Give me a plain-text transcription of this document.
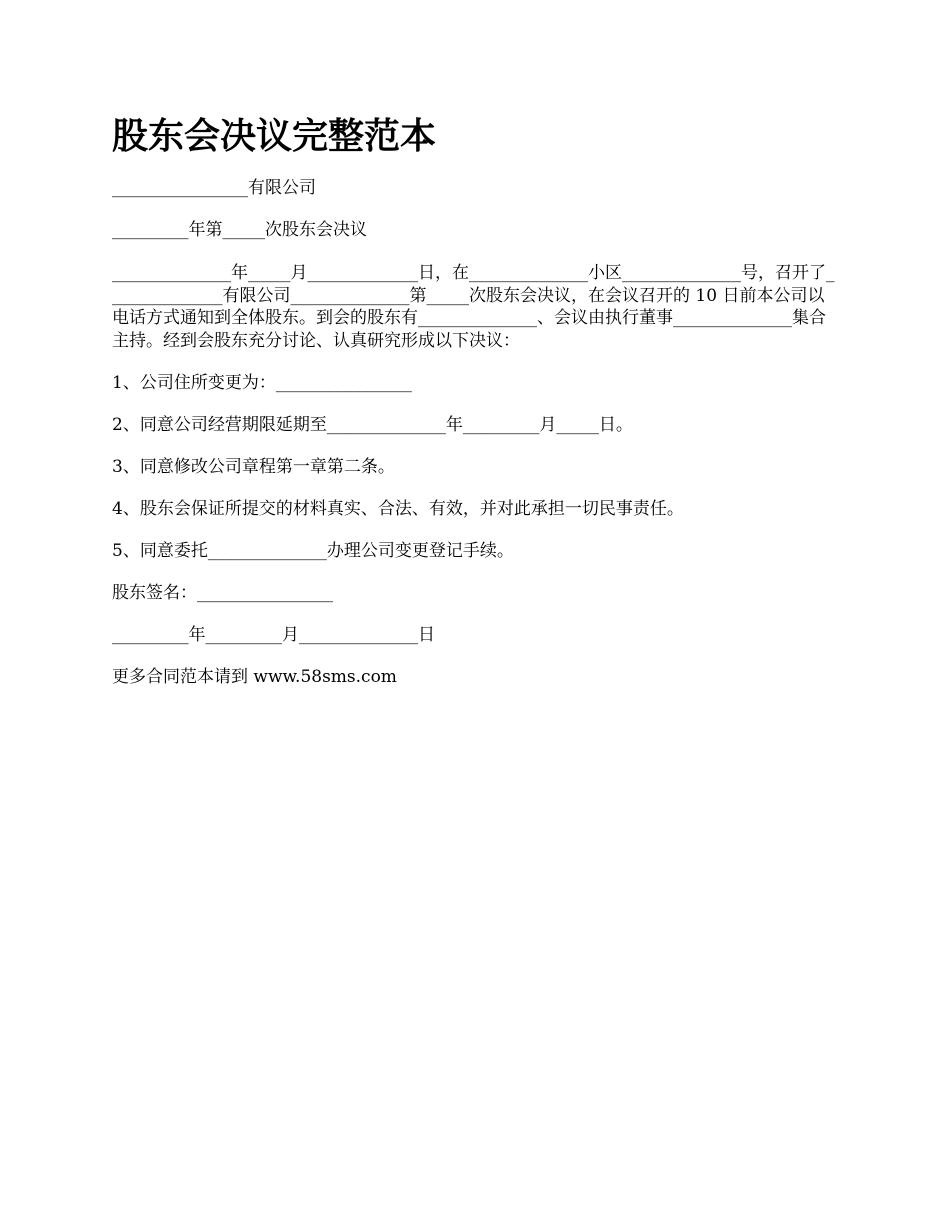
股东会决议完整范本

________________有限公司

_________年第_____次股东会决议

______________年_____月_____________日，在______________小区______________号，召开了______________有限公司______________第_____次股东会决议，在会议召开的 10 日前本公司以电话方式通知到全体股东。到会的股东有______________、会议由执行董事______________集合主持。经到会股东充分讨论、认真研究形成以下决议：

1、公司住所变更为：________________

2、同意公司经营期限延期至______________年_________月_____日。

3、同意修改公司章程第一章第二条。

4、股东会保证所提交的材料真实、合法、有效，并对此承担一切民事责任。

5、同意委托______________办理公司变更登记手续。

股东签名：________________

_________年_________月______________日

更多合同范本请到 www.58sms.com
